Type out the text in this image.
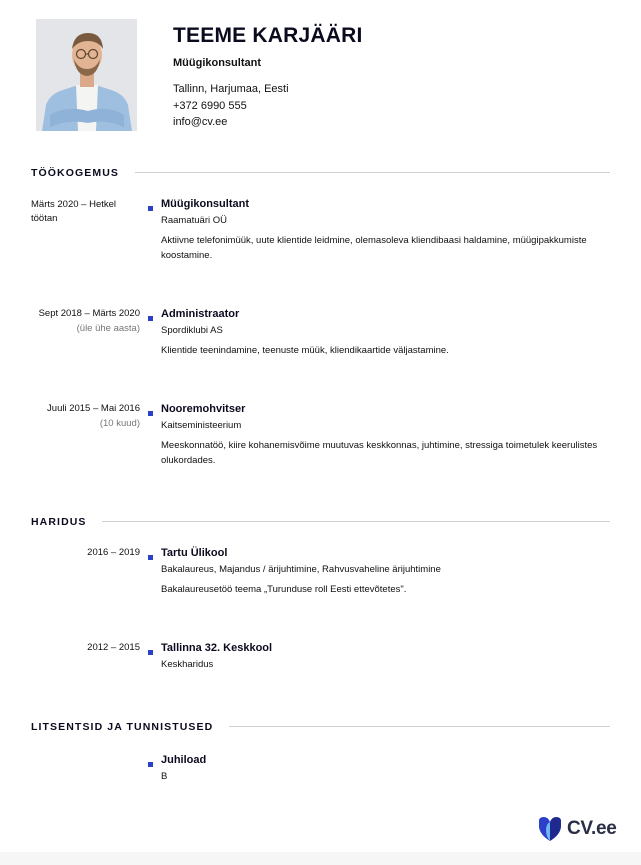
TEEME KARJÄÄRI
Müügikonsultant
Tallinn, Harjumaa, Eesti
+372 6990 555
info@cv.ee
TÖÖKOGEMUS
Märts 2020 – Hetkel töötan
Müügikonsultant
Raamatuäri OÜ
Aktiivne telefonimüük, uute klientide leidmine, olemasoleva kliendibaasi haldamine, müügipakkumiste koostamine.
Sept 2018 – Märts 2020
(üle ühe aasta)
Administraator
Spordiklubi AS
Klientide teenindamine, teenuste müük, kliendikaartide väljastamine.
Juuli 2015 – Mai 2016
(10 kuud)
Nooremohvitser
Kaitseministeerium
Meeskonnatöö, kiire kohanemisvõime muutuvas keskkonnas, juhtimine, stressiga toimetulek keerulistes olukordades.
HARIDUS
2016 – 2019 Tartu Ülikool
Bakalaureus, Majandus / ärijuhtimine, Rahvusvaheline ärijuhtimine
Bakalaureusetöö teema „Turunduse roll Eesti ettevõtetes".
2012 – 2015 Tallinna 32. Keskkool
Keskharidus
LITSENTSID JA TUNNISTUSED
Juhiload
B
CV.ee
